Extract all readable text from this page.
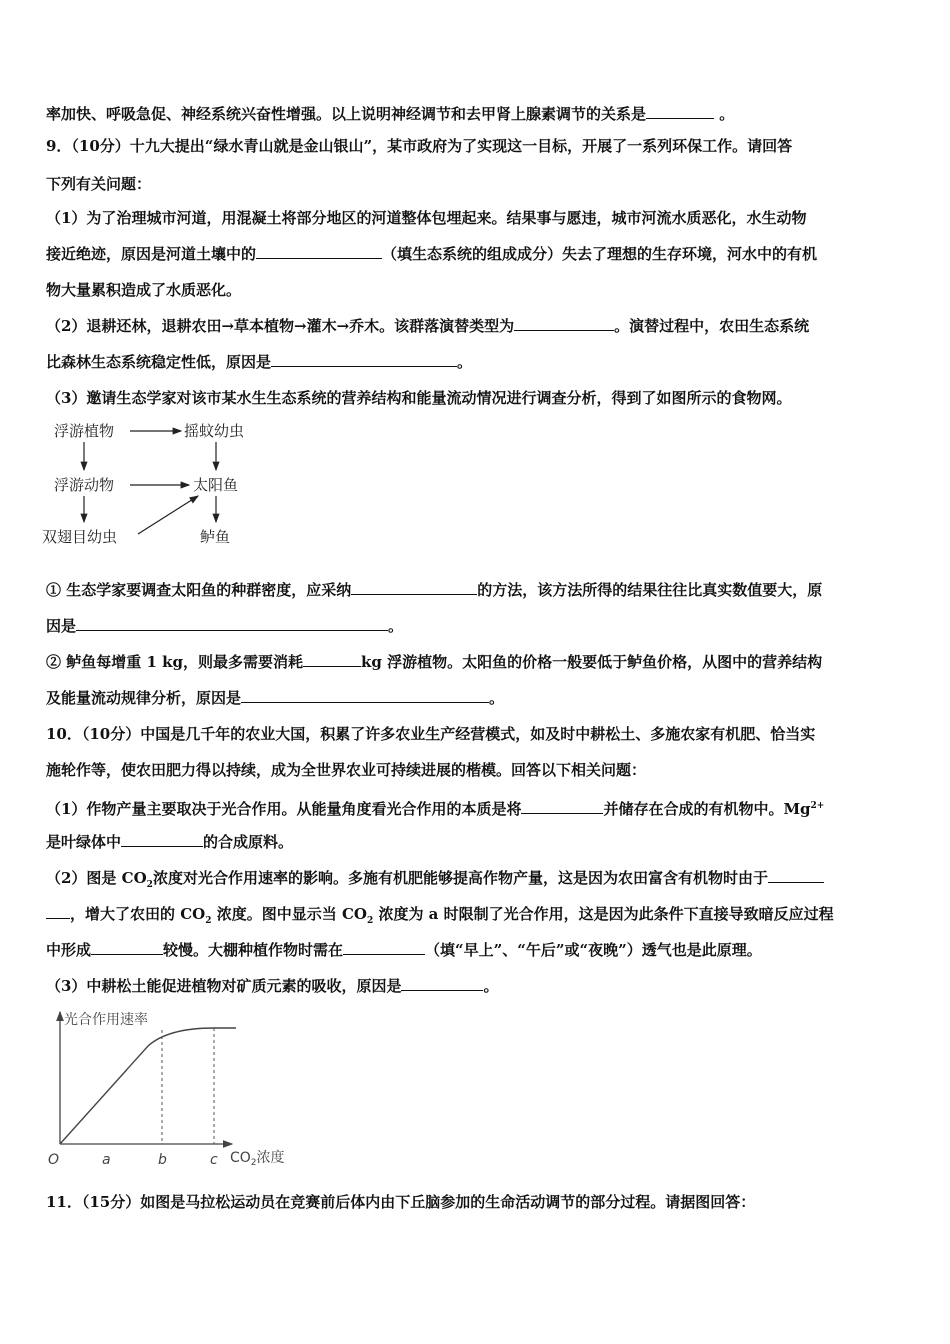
率加快、呼吸急促、神经系统兴奋性增强。以上说明神经调节和去甲肾上腺素调节的关系是	。
9．（10分）十九大提出“绿水青山就是金山银山”，某市政府为了实现这一目标，开展了一系列环保工作。请回答
下列有关问题：
（1）为了治理城市河道，用混凝土将部分地区的河道整体包埋起来。结果事与愿违，城市河流水质恶化，水生动物
接近绝迹，原因是河道土壤中的	（填生态系统的组成成分）失去了理想的生存环境，河水中的有机
物大量累积造成了水质恶化。
（2）退耕还林，退耕农田→草本植物→灌木→乔木。该群落演替类型为	。演替过程中，农田生态系统
比森林生态系统稳定性低，原因是	。
（3）邀请生态学家对该市某水生生态系统的营养结构和能量流动情况进行调查分析，得到了如图所示的食物网。
浮游植物	摇蚊幼虫
浮游动物	太阳鱼
双翅目幼虫	鲈鱼
① 生态学家要调查太阳鱼的种群密度，应采纳	的方法，该方法所得的结果往往比真实数值要大，原
因是	。
② 鲈鱼每增重 1 kg，则最多需要消耗	kg 浮游植物。太阳鱼的价格一般要低于鲈鱼价格，从图中的营养结构
及能量流动规律分析，原因是	。
10．（10分）中国是几千年的农业大国，积累了许多农业生产经营模式，如及时中耕松土、多施农家有机肥、恰当实
施轮作等，使农田肥力得以持续，成为全世界农业可持续进展的楷模。回答以下相关问题：
（1）作物产量主要取决于光合作用。从能量角度看光合作用的本质是将	并储存在合成的有机物中。$Mg^{2+}$
是叶绿体中	的合成原料。
（2）图是 $CO_2$浓度对光合作用速率的影响。多施有机肥能够提高作物产量，这是因为农田富含有机物时由于
，增大了农田的 $CO_2$ 浓度。图中显示当 $CO_2$ 浓度为 a 时限制了光合作用，这是因为此条件下直接导致暗反应过程
中形成	较慢。大棚种植作物时需在	（填“早上”、“午后”或“夜晚”）透气也是此原理。
（3）中耕松土能促进植物对矿质元素的吸收，原因是	。
光合作用速率
O	a	b	c $CO_2$浓度
11．（15分）如图是马拉松运动员在竞赛前后体内由下丘脑参加的生命活动调节的部分过程。请据图回答：
